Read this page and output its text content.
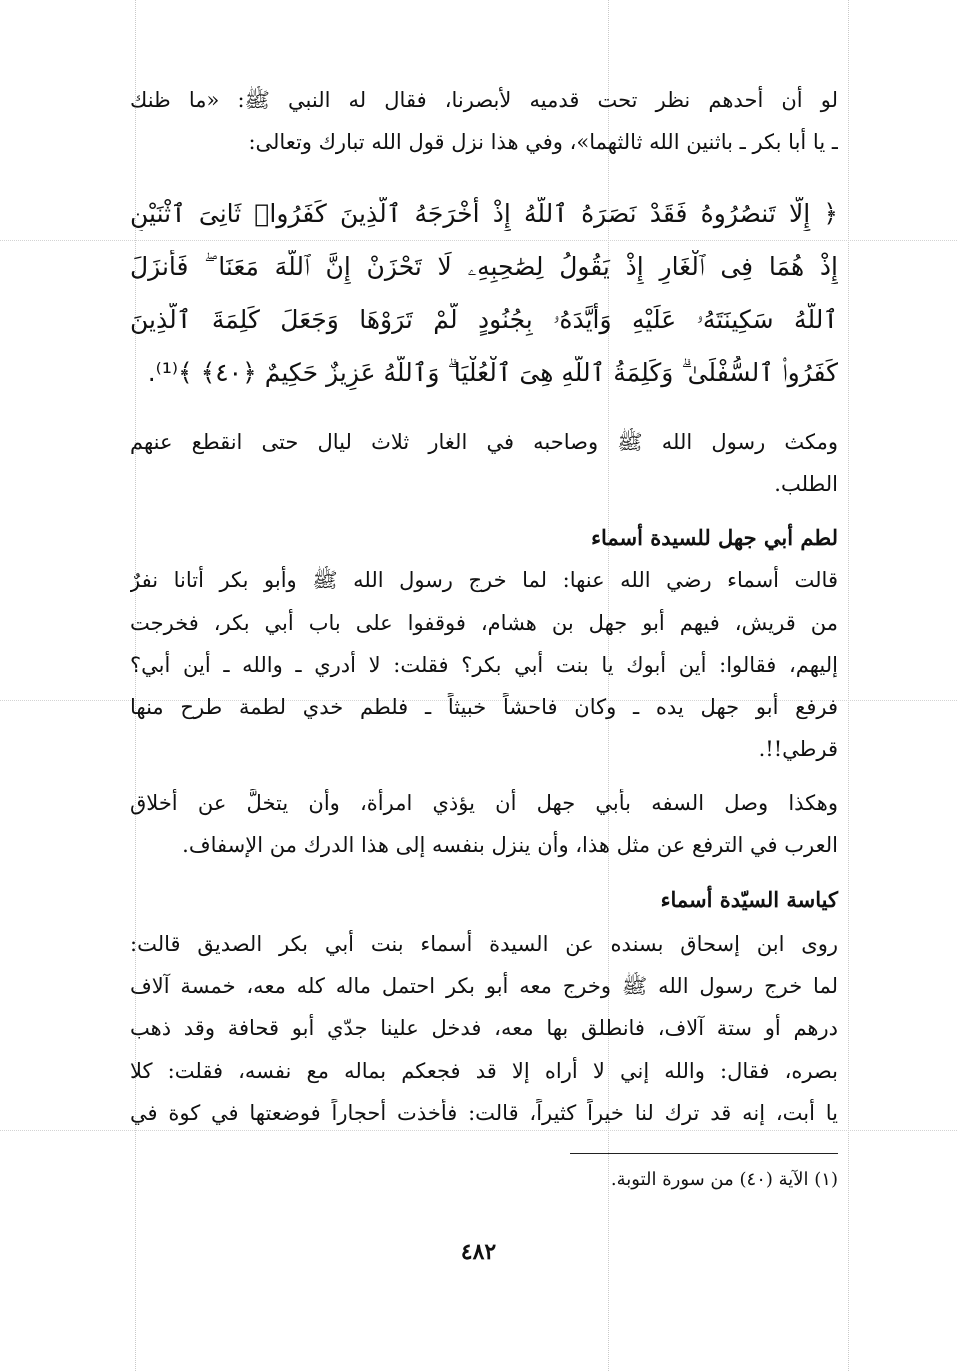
لو أن أحدهم نظر تحت قدميه لأبصرنا، فقال له النبي ﷺ: «ما ظنك
ـ يا أبا بكر ـ باثنين الله ثالثهما»، وفي هذا نزل قول الله تبارك وتعالى:
﴿ إِلَّا تَنصُرُوهُ فَقَدْ نَصَرَهُ ٱللَّهُ إِذْ أَخْرَجَهُ ٱلَّذِينَ كَفَرُوا۟ ثَانِىَ ٱثْنَيْنِ
إِذْ هُمَا فِى ٱلْغَارِ إِذْ يَقُولُ لِصَٰحِبِهِۦ لَا تَحْزَنْ إِنَّ ٱللَّهَ مَعَنَا ۖ فَأَنزَلَ
ٱللَّهُ سَكِينَتَهُۥ عَلَيْهِ وَأَيَّدَهُۥ بِجُنُودٍ لَّمْ تَرَوْهَا وَجَعَلَ كَلِمَةَ ٱلَّذِينَ
كَفَرُوا۟ ٱلسُّفْلَىٰ ۗ وَكَلِمَةُ ٱللَّهِ هِىَ ٱلْعُلْيَا ۗ وَٱللَّهُ عَزِيزٌ حَكِيمٌ ﴿٤٠﴾ ﴾⁽¹⁾.
ومكث رسول الله ﷺ وصاحبه في الغار ثلاث ليال حتى انقطع عنهم
الطلب.
لطم أبي جهل للسيدة أسماء
قالت أسماء رضي الله عنها: لما خرج رسول الله ﷺ وأبو بكر أتانا نفرٌ
من قريش، فيهم أبو جهل بن هشام، فوقفوا على باب أبي بكر، فخرجت
إليهم، فقالوا: أين أبوك يا بنت أبي بكر؟ فقلت: لا أدري ـ والله ـ أين أبي؟
فرفع أبو جهل يده ـ وكان فاحشاً خبيثاً ـ فلطم خدي لطمة طرح منها
قرطي!!.
وهكذا وصل السفه بأبي جهل أن يؤذي امرأة، وأن يتخلَّ عن أخلاق
العرب في الترفع عن مثل هذا، وأن ينزل بنفسه إلى هذا الدرك من الإسفاف.
كياسة السيّدة أسماء
روى ابن إسحاق بسنده عن السيدة أسماء بنت أبي بكر الصديق قالت:
لما خرج رسول الله ﷺ وخرج معه أبو بكر احتمل ماله كله معه، خمسة آلاف
درهم أو ستة آلاف، فانطلق بها معه، فدخل علينا جدّي أبو قحافة وقد ذهب
بصره، فقال: والله إني لا أراه إلا قد فجعكم بماله مع نفسه، فقلت: كلا
يا أبت، إنه قد ترك لنا خيراً كثيراً، قالت: فأخذت أحجاراً فوضعتها في كوة في
(١) الآية (٤٠) من سورة التوبة.
٤٨٢
